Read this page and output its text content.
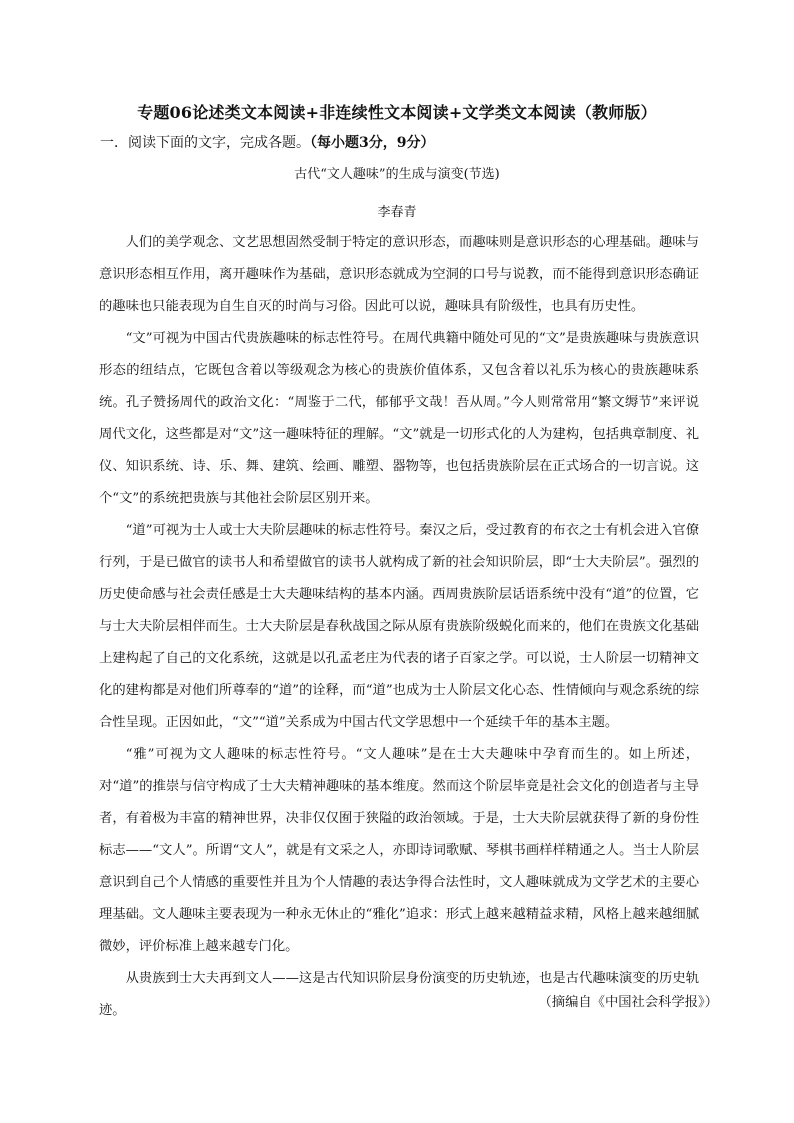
专题06论述类文本阅读+非连续性文本阅读+文学类文本阅读（教师版）
一．阅读下面的文字，完成各题。（每小题3分，9分）
古代“文人趣味”的生成与演变(节选)
李春青

人们的美学观念、文艺思想固然受制于特定的意识形态，而趣味则是意识形态的心理基础。趣味与意识形态相互作用，离开趣味作为基础，意识形态就成为空洞的口号与说教，而不能得到意识形态确证的趣味也只能表现为自生自灭的时尚与习俗。因此可以说，趣味具有阶级性，也具有历史性。

“文”可视为中国古代贵族趣味的标志性符号。在周代典籍中随处可见的“文”是贵族趣味与贵族意识形态的纽结点，它既包含着以等级观念为核心的贵族价值体系，又包含着以礼乐为核心的贵族趣味系统。孔子赞扬周代的政治文化：“周鉴于二代，郁郁乎文哉！吾从周。”今人则常常用“繁文缛节”来评说周代文化，这些都是对“文”这一趣味特征的理解。“文”就是一切形式化的人为建构，包括典章制度、礼仪、知识系统、诗、乐、舞、建筑、绘画、雕塑、器物等，也包括贵族阶层在正式场合的一切言说。这个“文”的系统把贵族与其他社会阶层区别开来。

“道”可视为士人或士大夫阶层趣味的标志性符号。秦汉之后，受过教育的布衣之士有机会进入官僚行列，于是已做官的读书人和希望做官的读书人就构成了新的社会知识阶层，即“士大夫阶层”。强烈的历史使命感与社会责任感是士大夫趣味结构的基本内涵。西周贵族阶层话语系统中没有“道”的位置，它与士大夫阶层相伴而生。士大夫阶层是春秋战国之际从原有贵族阶级蜕化而来的，他们在贵族文化基础上建构起了自己的文化系统，这就是以孔孟老庄为代表的诸子百家之学。可以说，士人阶层一切精神文化的建构都是对他们所尊奉的“道”的诠释，而“道”也成为士人阶层文化心态、性情倾向与观念系统的综合性呈现。正因如此，“文”“道”关系成为中国古代文学思想中一个延续千年的基本主题。

“雅”可视为文人趣味的标志性符号。“文人趣味”是在士大夫趣味中孕育而生的。如上所述，对“道”的推崇与信守构成了士大夫精神趣味的基本维度。然而这个阶层毕竟是社会文化的创造者与主导者，有着极为丰富的精神世界，决非仅仅囿于狭隘的政治领域。于是，士大夫阶层就获得了新的身份性标志——“文人”。所谓“文人”，就是有文采之人，亦即诗词歌赋、琴棋书画样样精通之人。当士人阶层意识到自己个人情感的重要性并且为个人情趣的表达争得合法性时，文人趣味就成为文学艺术的主要心理基础。文人趣味主要表现为一种永无休止的“雅化”追求：形式上越来越精益求精，风格上越来越细腻微妙，评价标准上越来越专门化。

从贵族到士大夫再到文人——这是古代知识阶层身份演变的历史轨迹，也是古代趣味演变的历史轨迹。

（摘编自《中国社会科学报》）
